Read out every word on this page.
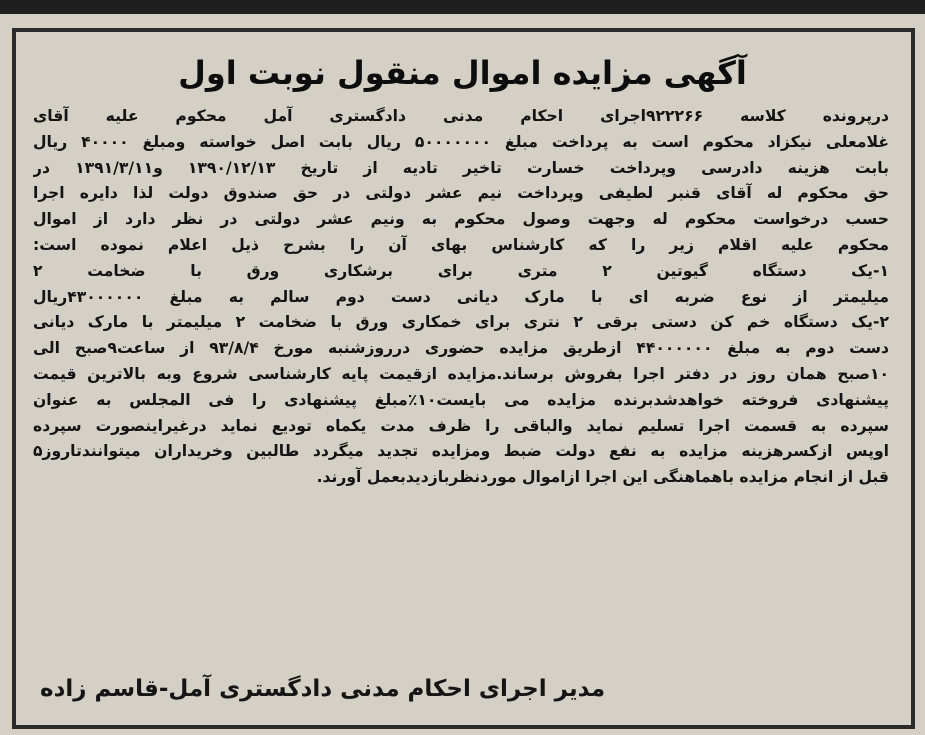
آگهی مزایده اموال منقول نوبت اول
درپرونده کلاسه ۹۲۲۲۶۶اجرای احکام مدنی دادگستری آمل محکوم علیه آقای
غلامعلی نیکزاد محکوم است به پرداخت مبلغ ۵۰۰۰۰۰۰۰ ریال بابت اصل خواسته ومبلغ ۴۰۰۰۰ ریال
بابت هزینه دادرسی وپرداخت خسارت تاخیر تادیه از تاریخ ۱۳۹۰/۱۲/۱۳ و۱۳۹۱/۳/۱۱ در
حق محکوم له آقای قنبر لطیفی وپرداخت نیم عشر دولتی در حق صندوق دولت لذا دایره اجرا
حسب درخواست محکوم له وجهت وصول محکوم به ونیم عشر دولتی در نظر دارد از اموال
محکوم علیه اقلام زیر را که کارشناس بهای آن را بشرح ذیل اعلام نموده است:
۱-یک دستگاه گیوتین ۲ متری برای برشکاری ورق با ضخامت ۲
میلیمتر از نوع ضربه ای با مارک دیانی دست دوم سالم به مبلغ ۴۳۰۰۰۰۰۰ریال
۲-یک دستگاه خم کن دستی برقی ۲ نتری برای خمکاری ورق با ضخامت ۲ میلیمتر با مارک دیانی
دست دوم به مبلغ ۴۴۰۰۰۰۰۰ ازطریق مزایده حضوری درروزشنبه مورخ ۹۳/۸/۴ از ساعت۹صبح الی
۱۰صبح همان روز در دفتر اجرا بفروش برساند.مزایده ازقیمت پایه کارشناسی شروع وبه بالاترین قیمت
پیشنهادی فروخته خواهدشدبرنده مزایده می بایست۱۰٪مبلغ پیشنهادی را فی المجلس به عنوان
سپرده به قسمت اجرا تسلیم نماید والباقی را ظرف مدت یکماه تودیع نماید درغیراینصورت سپرده
اوپس ازکسرهزینه مزایده به نفع دولت ضبط ومزایده تجدید میگردد طالبین وخریداران میتوانندتاروز۵
قبل از انجام مزایده باهماهنگی این اجرا ازاموال موردنظربازدیدبعمل آورند.
مدیر اجرای احکام مدنی دادگستری آمل-قاسم زاده
